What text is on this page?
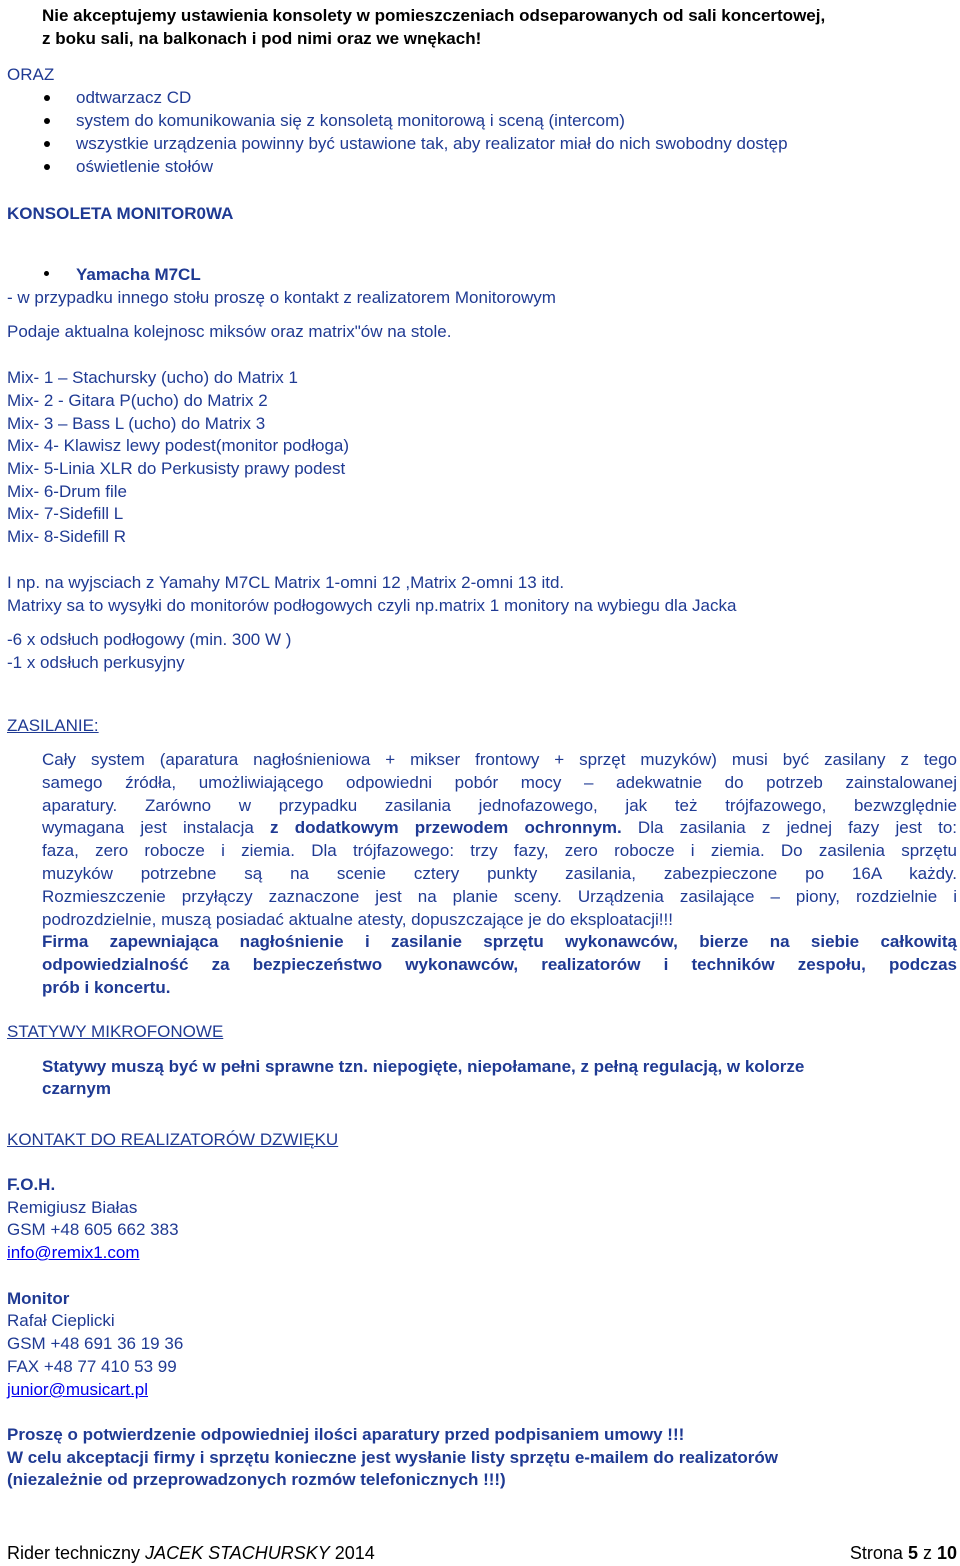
Nie akceptujemy ustawienia konsolety w pomieszczeniach odseparowanych od sali koncertowej,
z boku sali, na balkonach i pod nimi oraz we wnękach!
ORAZ
odtwarzacz CD
system do komunikowania się z konsoletą monitorową i sceną (intercom)
wszystkie urządzenia powinny być ustawione tak, aby realizator miał do nich swobodny dostęp
oświetlenie stołów
KONSOLETA MONITOR0WA
Yamacha M7CL
- w przypadku innego stołu proszę o kontakt z realizatorem Monitorowym
Podaje aktualna kolejnosc miksów oraz matrix"ów na stole.
Mix- 1 – Stachursky (ucho) do Matrix 1
Mix- 2 - Gitara P(ucho) do Matrix 2
Mix- 3 – Bass L (ucho) do Matrix 3
Mix- 4- Klawisz lewy podest(monitor podłoga)
Mix- 5-Linia XLR do Perkusisty prawy podest
Mix- 6-Drum file
Mix- 7-Sidefill L
Mix- 8-Sidefill R
I np. na wyjsciach z Yamahy M7CL Matrix 1-omni 12 ,Matrix 2-omni 13 itd.
Matrixy sa to wysyłki do monitorów podłogowych czyli np.matrix 1 monitory na wybiegu dla Jacka
-6 x odsłuch podłogowy (min. 300 W )
-1 x odsłuch perkusyjny
ZASILANIE:
Cały system (aparatura nagłośnieniowa + mikser frontowy + sprzęt muzyków) musi być zasilany z tego
samego źródła, umożliwiającego odpowiedni pobór mocy – adekwatnie do potrzeb zainstalowanej
aparatury. Zarówno w przypadku zasilania jednofazowego, jak też trójfazowego, bezwzględnie
wymagana jest instalacja z dodatkowym przewodem ochronnym. Dla zasilania z jednej fazy jest to:
faza, zero robocze i ziemia. Dla trójfazowego: trzy fazy, zero robocze i ziemia. Do zasilenia sprzętu
muzyków potrzebne są na scenie cztery punkty zasilania, zabezpieczone po 16A każdy.
Rozmieszczenie przyłączy zaznaczone jest na planie sceny. Urządzenia zasilające – piony, rozdzielnie i
podrozdzielnie, muszą posiadać aktualne atesty, dopuszczające je do eksploatacji!!!
Firma zapewniająca nagłośnienie i zasilanie sprzętu wykonawców, bierze na siebie całkowitą
odpowiedzialność za bezpieczeństwo wykonawców, realizatorów i techników zespołu, podczas
prób i koncertu.
STATYWY MIKROFONOWE
Statywy muszą być w pełni sprawne tzn. niepogięte, niepołamane, z pełną regulacją, w kolorze
czarnym
KONTAKT DO REALIZATORÓW DZWIĘKU
F.O.H.
Remigiusz Białas
GSM +48 605 662 383
info@remix1.com
Monitor
Rafał Cieplicki
GSM +48 691 36 19 36
FAX +48 77 410 53 99
junior@musicart.pl
Proszę o potwierdzenie odpowiedniej ilości aparatury przed podpisaniem umowy !!!
W celu akceptacji firmy i sprzętu konieczne jest wysłanie listy sprzętu e-mailem do realizatorów
(niezależnie od przeprowadzonych rozmów telefonicznych !!!)
Rider techniczny JACEK STACHURSKY 2014	Strona 5 z 10
